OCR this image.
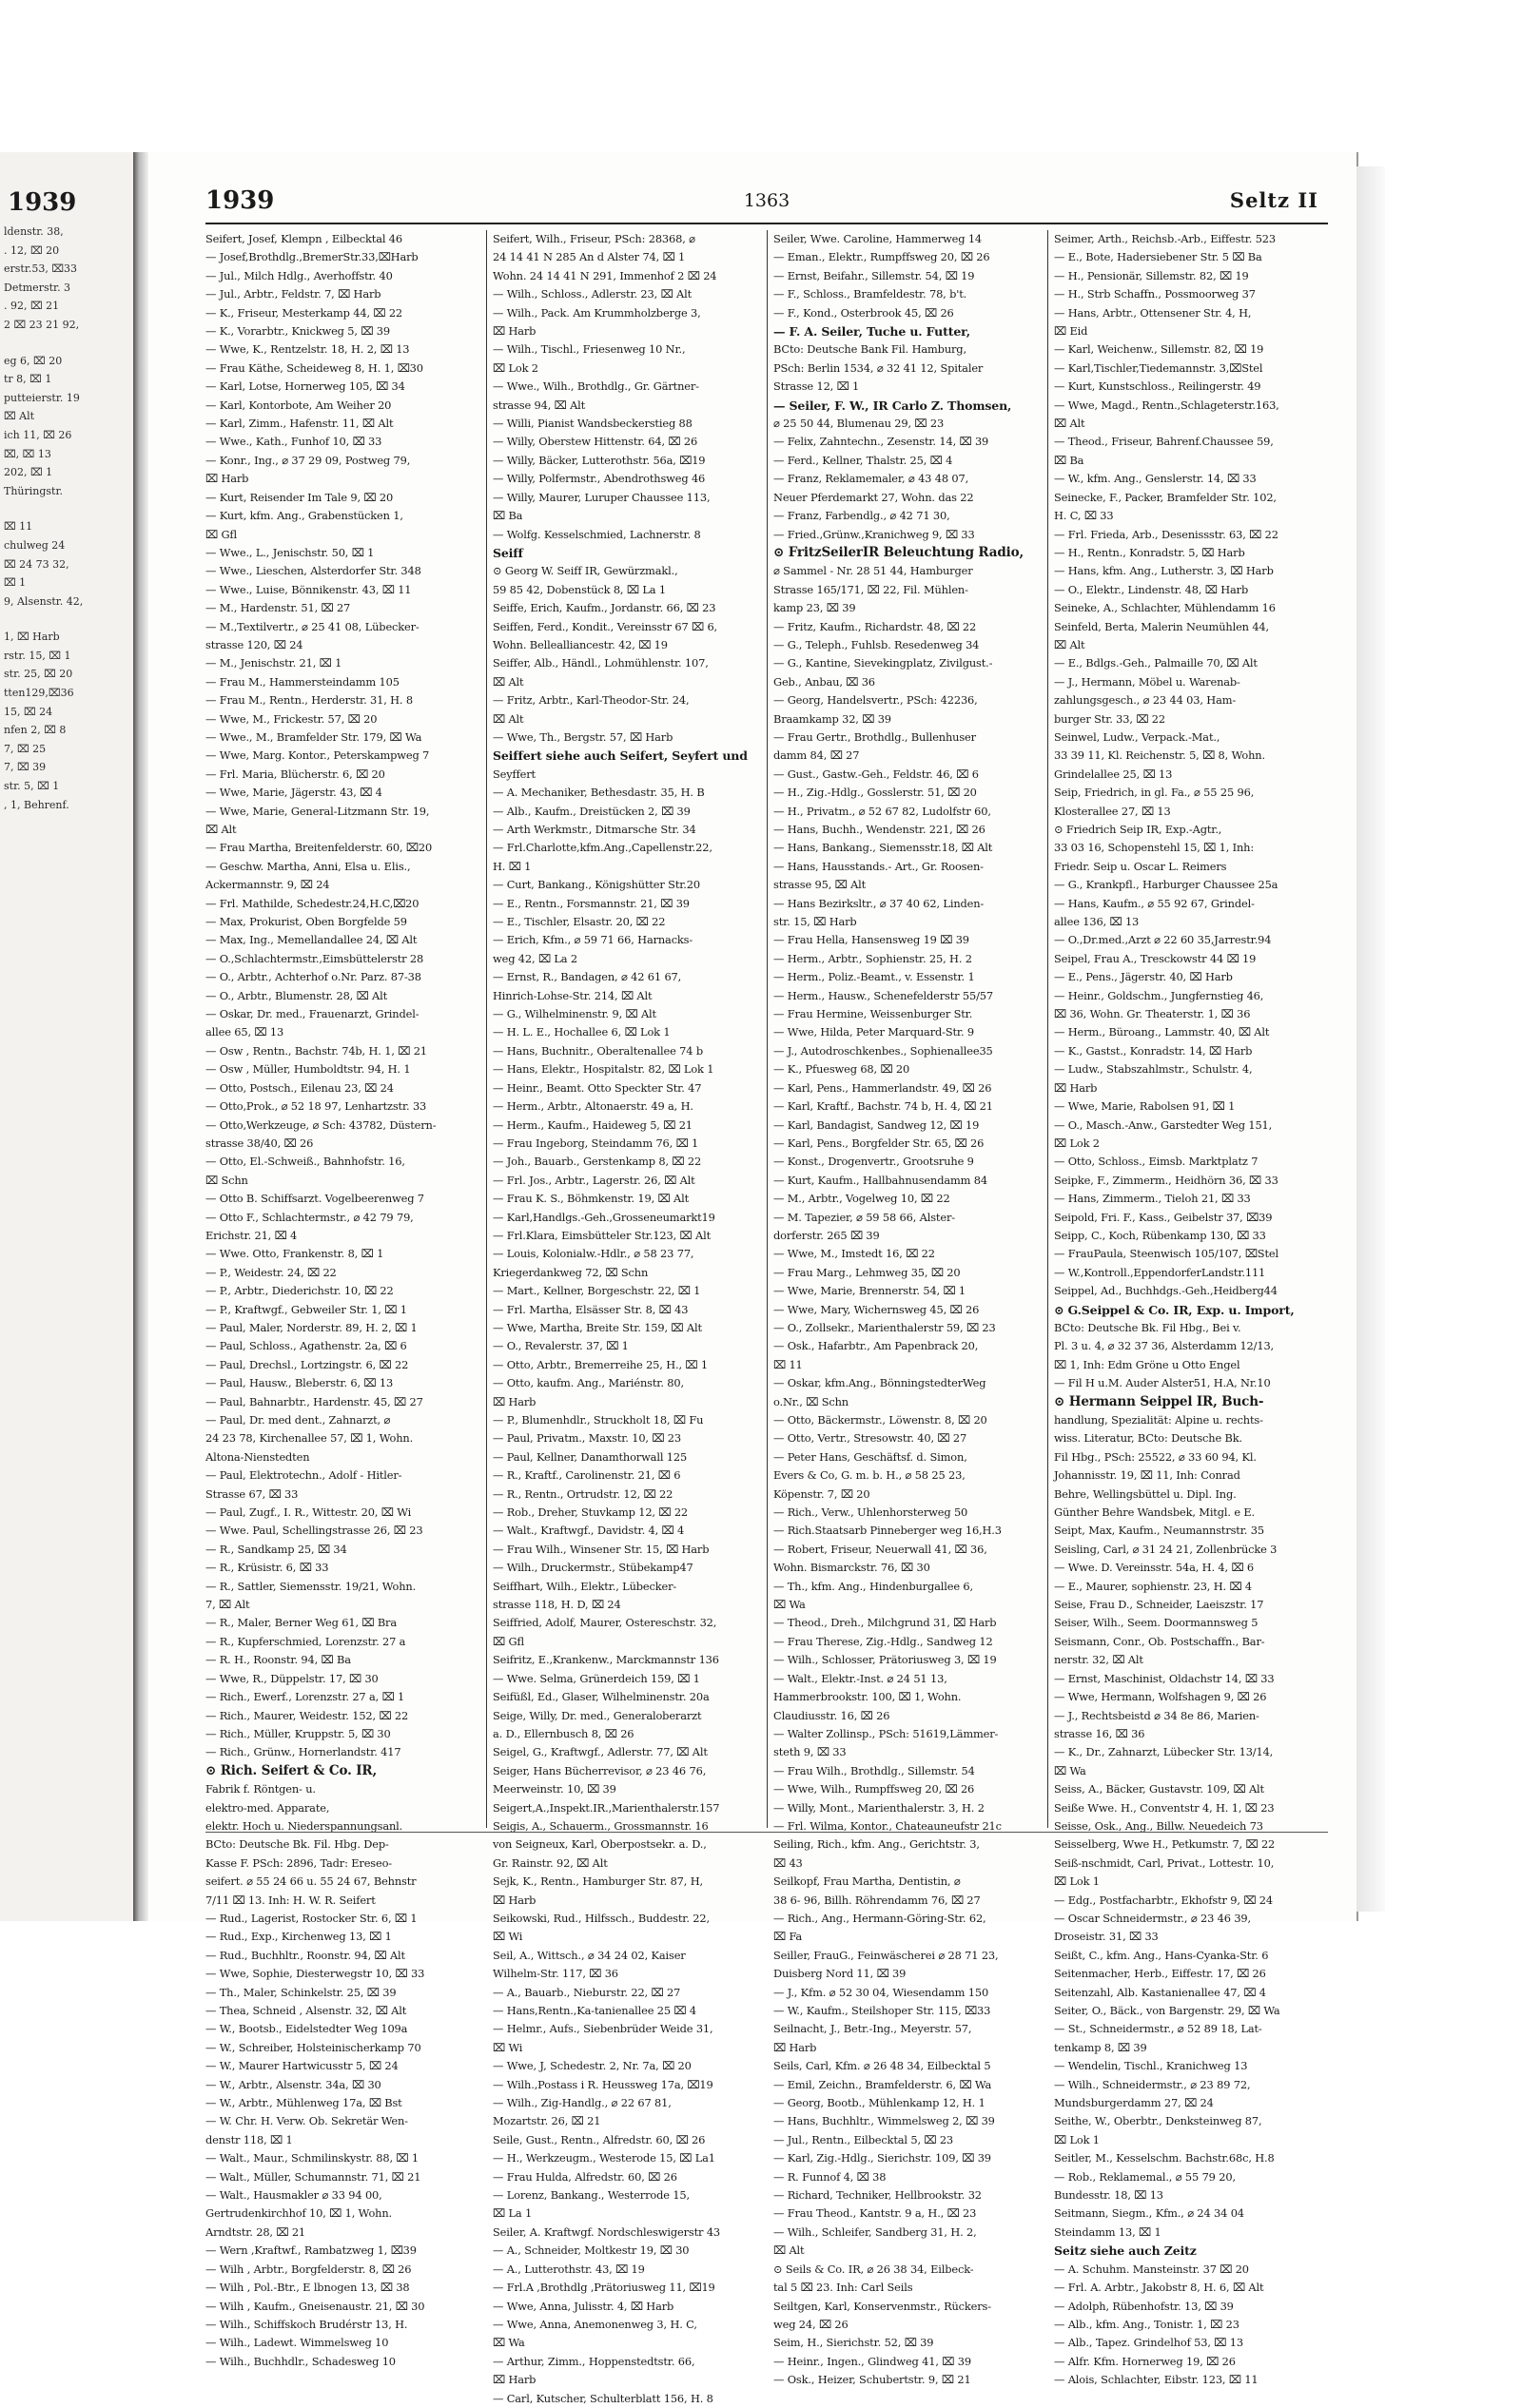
1939
ldenstr. 38,
. 12, ⌧ 20
erstr.53, ⌧33
Detmerstr. 3
. 92, ⌧ 21
2 ⌧ 23 21 92,
eg 6, ⌧ 20
tr 8, ⌧ 1
putteierstr. 19
⌧ Alt
ich 11, ⌧ 26
⌧, ⌧ 13
202, ⌧ 1
Thüringstr.
⌧ 11
chulweg 24
⌧ 24 73 32,
⌧ 1
9, Alsenstr. 42,
1, ⌧ Harb
rstr. 15, ⌧ 1
str. 25, ⌧ 20
tten129,⌧36
15, ⌧ 24
nfen 2, ⌧ 8
7, ⌧ 25
7, ⌧ 39
str. 5, ⌧ 1
, 1, Behrenf.
1939	1363	Seltz II
Seifert, Josef, Klempn , Eilbecktal 46
— Josef,Brothdlg.,BremerStr.33,⌧Harb
— Jul., Milch Hdlg., Averhoffstr. 40
— Jul., Arbtr., Feldstr. 7, ⌧ Harb
— K., Friseur, Mesterkamp 44, ⌧ 22
— K., Vorarbtr., Knickweg 5, ⌧ 39
— Wwe, K., Rentzelstr. 18, H. 2, ⌧ 13
— Frau Käthe, Scheideweg 8, H. 1, ⌧30
— Karl, Lotse, Hornerweg 105, ⌧ 34
— Karl, Kontorbote, Am Weiher 20
— Karl, Zimm., Hafenstr. 11, ⌧ Alt
— Wwe., Kath., Funhof 10, ⌧ 33
— Konr., Ing., ⌀ 37 29 09, Postweg 79,
⌧ Harb
— Kurt, Reisender Im Tale 9, ⌧ 20
— Kurt, kfm. Ang., Grabenstücken 1,
⌧ Gfl
— Wwe., L., Jenischstr. 50, ⌧ 1
— Wwe., Lieschen, Alsterdorfer Str. 348
— Wwe., Luise, Bönnikenstr. 43, ⌧ 11
— M., Hardenstr. 51, ⌧ 27
— M.,Textilvertr., ⌀ 25 41 08, Lübecker-
strasse 120, ⌧ 24
— M., Jenischstr. 21, ⌧ 1
— Frau M., Hammersteindamm 105
— Frau M., Rentn., Herderstr. 31, H. 8
— Wwe, M., Frickestr. 57, ⌧ 20
— Wwe., M., Bramfelder Str. 179, ⌧ Wa
— Wwe, Marg. Kontor., Peterskampweg 7
— Frl. Maria, Blücherstr. 6, ⌧ 20
— Wwe, Marie, Jägerstr. 43, ⌧ 4
— Wwe, Marie, General-Litzmann Str. 19,
⌧ Alt
— Frau Martha, Breitenfelderstr. 60, ⌧20
— Geschw. Martha, Anni, Elsa u. Elis.,
Ackermannstr. 9, ⌧ 24
— Frl. Mathilde, Schedestr.24,H.C,⌧20
— Max, Prokurist, Oben Borgfelde 59
— Max, Ing., Memellandallee 24, ⌧ Alt
— O.,Schlachtermstr.,Eimsbüttelerstr 28
— O., Arbtr., Achterhof o.Nr. Parz. 87-38
— O., Arbtr., Blumenstr. 28, ⌧ Alt
— Oskar, Dr. med., Frauenarzt, Grindel-
allee 65, ⌧ 13
— Osw , Rentn., Bachstr. 74b, H. 1, ⌧ 21
— Osw , Müller, Humboldtstr. 94, H. 1
— Otto, Postsch., Eilenau 23, ⌧ 24
— Otto,Prok., ⌀ 52 18 97, Lenhartzstr. 33
— Otto,Werkzeuge, ⌀ Sch: 43782, Düstern-
strasse 38/40, ⌧ 26
— Otto, El.-Schweiß., Bahnhofstr. 16,
⌧ Schn
— Otto B. Schiffsarzt. Vogelbeerenweg 7
— Otto F., Schlachtermstr., ⌀ 42 79 79,
Erichstr. 21, ⌧ 4
— Wwe. Otto, Frankenstr. 8, ⌧ 1
— P., Weidestr. 24, ⌧ 22
— P., Arbtr., Diederichstr. 10, ⌧ 22
— P., Kraftwgf., Gebweiler Str. 1, ⌧ 1
— Paul, Maler, Norderstr. 89, H. 2, ⌧ 1
— Paul, Schloss., Agathenstr. 2a, ⌧ 6
— Paul, Drechsl., Lortzingstr. 6, ⌧ 22
— Paul, Hausw., Bleberstr. 6, ⌧ 13
— Paul, Bahnarbtr., Hardenstr. 45, ⌧ 27
— Paul, Dr. med dent., Zahnarzt, ⌀
24 23 78, Kirchenallee 57, ⌧ 1, Wohn.
Altona-Nienstedten
— Paul, Elektrotechn., Adolf - Hitler-
Strasse 67, ⌧ 33
— Paul, Zugf., I. R., Wittestr. 20, ⌧ Wi
— Wwe. Paul, Schellingstrasse 26, ⌧ 23
— R., Sandkamp 25, ⌧ 34
— R., Krüsistr. 6, ⌧ 33
— R., Sattler, Siemensstr. 19/21, Wohn.
7, ⌧ Alt
— R., Maler, Berner Weg 61, ⌧ Bra
— R., Kupferschmied, Lorenzstr. 27 a
— R. H., Roonstr. 94, ⌧ Ba
— Wwe, R., Düppelstr. 17, ⌧ 30
— Rich., Ewerf., Lorenzstr. 27 a, ⌧ 1
— Rich., Maurer, Weidestr. 152, ⌧ 22
— Rich., Müller, Kruppstr. 5, ⌧ 30
— Rich., Grünw., Hornerlandstr. 417
⊙ Rich. Seifert & Co. IR,
Fabrik f. Röntgen- u.
elektro-med. Apparate,
elektr. Hoch u. Niederspannungsanl.
BCto: Deutsche Bk. Fil. Hbg. Dep-
Kasse F. PSch: 2896, Tadr: Ereseo-
seifert. ⌀ 55 24 66 u. 55 24 67, Behnstr
7/11 ⌧ 13. Inh: H. W. R. Seifert
— Rud., Lagerist, Rostocker Str. 6, ⌧ 1
— Rud., Exp., Kirchenweg 13, ⌧ 1
— Rud., Buchhltr., Roonstr. 94, ⌧ Alt
— Wwe, Sophie, Diesterwegstr 10, ⌧ 33
— Th., Maler, Schinkelstr. 25, ⌧ 39
— Thea, Schneid , Alsenstr. 32, ⌧ Alt
— W., Bootsb., Eidelstedter Weg 109a
— W., Schreiber, Holsteinischerkamp 70
— W., Maurer Hartwicusstr 5, ⌧ 24
— W., Arbtr., Alsenstr. 34a, ⌧ 30
— W., Arbtr., Mühlenweg 17a, ⌧ Bst
— W. Chr. H. Verw. Ob. Sekretär Wen-
denstr 118, ⌧ 1
— Walt., Maur., Schmilinskystr. 88, ⌧ 1
— Walt., Müller, Schumannstr. 71, ⌧ 21
— Walt., Hausmakler ⌀ 33 94 00,
Gertrudenkirchhof 10, ⌧ 1, Wohn.
Arndtstr. 28, ⌧ 21
— Wern ,Kraftwf., Rambatzweg 1, ⌧39
— Wilh , Arbtr., Borgfelderstr. 8, ⌧ 26
— Wilh , Pol.-Btr., E lbnogen 13, ⌧ 38
— Wilh , Kaufm., Gneisenaustr. 21, ⌧ 30
— Wilh., Schiffskoch Brudérstr 13, H.
— Wilh., Ladewt. Wimmelsweg 10
— Wilh., Buchhdlr., Schadesweg 10
Seifert, Wilh., Friseur, PSch: 28368, ⌀
24 14 41 N 285 An d Alster 74, ⌧ 1
Wohn. 24 14 41 N 291, Immenhof 2 ⌧ 24
— Wilh., Schloss., Adlerstr. 23, ⌧ Alt
— Wilh., Pack. Am Krummholzberge 3,
⌧ Harb
— Wilh., Tischl., Friesenweg 10 Nr.,
⌧ Lok 2
— Wwe., Wilh., Brothdlg., Gr. Gärtner-
strasse 94, ⌧ Alt
— Willi, Pianist Wandsbeckerstieg 88
— Willy, Oberstew Hittenstr. 64, ⌧ 26
— Willy, Bäcker, Lutterothstr. 56a, ⌧19
— Willy, Polfermstr., Abendrothsweg 46
— Willy, Maurer, Luruper Chaussee 113,
⌧ Ba
— Wolfg. Kesselschmied, Lachnerstr. 8
Seiff
⊙ Georg W. Seiff IR, Gewürzmakl.,
59 85 42, Dobenstück 8, ⌧ La 1
Seiffe, Erich, Kaufm., Jordanstr. 66, ⌧ 23
Seiffen, Ferd., Kondit., Vereinsstr 67 ⌧ 6,
Wohn. Bellealliancestr. 42, ⌧ 19
Seiffer, Alb., Händl., Lohmühlenstr. 107,
⌧ Alt
— Fritz, Arbtr., Karl-Theodor-Str. 24,
⌧ Alt
— Wwe, Th., Bergstr. 57, ⌧ Harb
Seiffert siehe auch Seifert, Seyfert und
Seyffert
— A. Mechaniker, Bethesdastr. 35, H. B
— Alb., Kaufm., Dreistücken 2, ⌧ 39
— Arth Werkmstr., Ditmarsche Str. 34
— Frl.Charlotte,kfm.Ang.,Capellenstr.22,
H. ⌧ 1
— Curt, Bankang., Königshütter Str.20
— E., Rentn., Forsmannstr. 21, ⌧ 39
— E., Tischler, Elsastr. 20, ⌧ 22
— Erich, Kfm., ⌀ 59 71 66, Harnacks-
weg 42, ⌧ La 2
— Ernst, R., Bandagen, ⌀ 42 61 67,
Hinrich-Lohse-Str. 214, ⌧ Alt
— G., Wilhelminenstr. 9, ⌧ Alt
— H. L. E., Hochallee 6, ⌧ Lok 1
— Hans, Buchnitr., Oberaltenallee 74 b
— Hans, Elektr., Hospitalstr. 82, ⌧ Lok 1
— Heinr., Beamt. Otto Speckter Str. 47
— Herm., Arbtr., Altonaerstr. 49 a, H.
— Herm., Kaufm., Haideweg 5, ⌧ 21
— Frau Ingeborg, Steindamm 76, ⌧ 1
— Joh., Bauarb., Gerstenkamp 8, ⌧ 22
— Frl. Jos., Arbtr., Lagerstr. 26, ⌧ Alt
— Frau K. S., Böhmkenstr. 19, ⌧ Alt
— Karl,Handlgs.-Geh.,Grosseneumarkt19
— Frl.Klara, Eimsbütteler Str.123, ⌧ Alt
— Louis, Kolonialw.-Hdlr., ⌀ 58 23 77,
Kriegerdankweg 72, ⌧ Schn
— Mart., Kellner, Borgeschstr. 22, ⌧ 1
— Frl. Martha, Elsässer Str. 8, ⌧ 43
— Wwe, Martha, Breite Str. 159, ⌧ Alt
— O., Revalerstr. 37, ⌧ 1
— Otto, Arbtr., Bremerreihe 25, H., ⌧ 1
— Otto, kaufm. Ang., Mariénstr. 80,
⌧ Harb
— P., Blumenhdlr., Struckholt 18, ⌧ Fu
— Paul, Privatm., Maxstr. 10, ⌧ 23
— Paul, Kellner, Danamthorwall 125
— R., Kraftf., Carolinenstr. 21, ⌧ 6
— R., Rentn., Ortrudstr. 12, ⌧ 22
— Rob., Dreher, Stuvkamp 12, ⌧ 22
— Walt., Kraftwgf., Davidstr. 4, ⌧ 4
— Frau Wilh., Winsener Str. 15, ⌧ Harb
— Wilh., Druckermstr., Stübekamp47
Seiffhart, Wilh., Elektr., Lübecker-
strasse 118, H. D, ⌧ 24
Seiffried, Adolf, Maurer, Ostereschstr. 32,
⌧ Gfl
Seifritz, E.,Krankenw., Marckmannstr 136
— Wwe. Selma, Grünerdeich 159, ⌧ 1
Seifüßl, Ed., Glaser, Wilhelminenstr. 20a
Seige, Willy, Dr. med., Generaloberarzt
a. D., Ellernbusch 8, ⌧ 26
Seigel, G., Kraftwgf., Adlerstr. 77, ⌧ Alt
Seiger, Hans Bücherrevisor, ⌀ 23 46 76,
Meerweinstr. 10, ⌧ 39
Seigert,A.,Inspekt.IR.,Marienthalerstr.157
Seigis, A., Schauerm., Grossmannstr. 16
von Seigneux, Karl, Oberpostsekr. a. D.,
Gr. Rainstr. 92, ⌧ Alt
Sejk, K., Rentn., Hamburger Str. 87, H,
⌧ Harb
Seikowski, Rud., Hilfssch., Buddestr. 22,
⌧ Wi
Seil, A., Wittsch., ⌀ 34 24 02, Kaiser
Wilhelm-Str. 117, ⌧ 36
— A., Bauarb., Nieburstr. 22, ⌧ 27
— Hans,Rentn.,Ka-tanienallee 25 ⌧ 4
— Helmr., Aufs., Siebenbrüder Weide 31,
⌧ Wi
— Wwe, J, Schedestr. 2, Nr. 7a, ⌧ 20
— Wilh.,Postass i R. Heussweg 17a, ⌧19
— Wilh., Zig-Handlg., ⌀ 22 67 81,
Mozartstr. 26, ⌧ 21
Seile, Gust., Rentn., Alfredstr. 60, ⌧ 26
— H., Werkzeugm., Westerode 15, ⌧ La1
— Frau Hulda, Alfredstr. 60, ⌧ 26
— Lorenz, Bankang., Westerrode 15,
⌧ La 1
Seiler, A. Kraftwgf. Nordschleswigerstr 43
— A., Schneider, Moltkestr 19, ⌧ 30
— A., Lutterothstr. 43, ⌧ 19
— Frl.A ,Brothdlg ,Prätoriusweg 11, ⌧19
— Wwe, Anna, Julisstr. 4, ⌧ Harb
— Wwe, Anna, Anemonenweg 3, H. C,
⌧ Wa
— Arthur, Zimm., Hoppenstedtstr. 66,
⌧ Harb
— Carl, Kutscher, Schulterblatt 156, H. 8
Seiler, Wwe. Caroline, Hammerweg 14
— Eman., Elektr., Rumpffsweg 20, ⌧ 26
— Ernst, Beifahr., Sillemstr. 54, ⌧ 19
— F., Schloss., Bramfeldestr. 78, b't.
— F., Kond., Osterbrook 45, ⌧ 26
— F. A. Seiler, Tuche u. Futter,
BCto: Deutsche Bank Fil. Hamburg,
PSch: Berlin 1534, ⌀ 32 41 12, Spitaler
Strasse 12, ⌧ 1
— Seiler, F. W., IR Carlo Z. Thomsen,
⌀ 25 50 44, Blumenau 29, ⌧ 23
— Felix, Zahntechn., Zesenstr. 14, ⌧ 39
— Ferd., Kellner, Thalstr. 25, ⌧ 4
— Franz, Reklamemaler, ⌀ 43 48 07,
Neuer Pferdemarkt 27, Wohn. das 22
— Franz, Farbendlg., ⌀ 42 71 30,
— Fried.,Grünw.,Kranichweg 9, ⌧ 33
⊙ FritzSeilerIR Beleuchtung Radio,
⌀ Sammel - Nr. 28 51 44, Hamburger
Strasse 165/171, ⌧ 22, Fil. Mühlen-
kamp 23, ⌧ 39
— Fritz, Kaufm., Richardstr. 48, ⌧ 22
— G., Teleph., Fuhlsb. Resedenweg 34
— G., Kantine, Sievekingplatz, Zivilgust.-
Geb., Anbau, ⌧ 36
— Georg, Handelsvertr., PSch: 42236,
Braamkamp 32, ⌧ 39
— Frau Gertr., Brothdlg., Bullenhuser
damm 84, ⌧ 27
— Gust., Gastw.-Geh., Feldstr. 46, ⌧ 6
— H., Zig.-Hdlg., Gosslerstr. 51, ⌧ 20
— H., Privatm., ⌀ 52 67 82, Ludolfstr 60,
— Hans, Buchh., Wendenstr. 221, ⌧ 26
— Hans, Bankang., Siemensstr.18, ⌧ Alt
— Hans, Hausstands.- Art., Gr. Roosen-
strasse 95, ⌧ Alt
— Hans Bezirksltr., ⌀ 37 40 62, Linden-
str. 15, ⌧ Harb
— Frau Hella, Hansensweg 19 ⌧ 39
— Herm., Arbtr., Sophienstr. 25, H. 2
— Herm., Poliz.-Beamt., v. Essenstr. 1
— Herm., Hausw., Schenefelderstr 55/57
— Frau Hermine, Weissenburger Str.
— Wwe, Hilda, Peter Marquard-Str. 9
— J., Autodroschkenbes., Sophienallee35
— K., Pfuesweg 68, ⌧ 20
— Karl, Pens., Hammerlandstr. 49, ⌧ 26
— Karl, Kraftf., Bachstr. 74 b, H. 4, ⌧ 21
— Karl, Bandagist, Sandweg 12, ⌧ 19
— Karl, Pens., Borgfelder Str. 65, ⌧ 26
— Konst., Drogenvertr., Grootsruhe 9
— Kurt, Kaufm., Hallbahnusendamm 84
— M., Arbtr., Vogelweg 10, ⌧ 22
— M. Tapezier, ⌀ 59 58 66, Alster-
dorferstr. 265 ⌧ 39
— Wwe, M., Imstedt 16, ⌧ 22
— Frau Marg., Lehmweg 35, ⌧ 20
— Wwe, Marie, Brennerstr. 54, ⌧ 1
— Wwe, Mary, Wichernsweg 45, ⌧ 26
— O., Zollsekr., Marienthalerstr 59, ⌧ 23
— Osk., Hafarbtr., Am Papenbrack 20,
⌧ 11
— Oskar, kfm.Ang., BönningstedterWeg
o.Nr., ⌧ Schn
— Otto, Bäckermstr., Löwenstr. 8, ⌧ 20
— Otto, Vertr., Stresowstr. 40, ⌧ 27
— Peter Hans, Geschäftsf. d. Simon,
Evers & Co, G. m. b. H., ⌀ 58 25 23,
Köpenstr. 7, ⌧ 20
— Rich., Verw., Uhlenhorsterweg 50
— Rich.Staatsarb Pinneberger weg 16,H.3
— Robert, Friseur, Neuerwall 41, ⌧ 36,
Wohn. Bismarckstr. 76, ⌧ 30
— Th., kfm. Ang., Hindenburgallee 6,
⌧ Wa
— Theod., Dreh., Milchgrund 31, ⌧ Harb
— Frau Therese, Zig.-Hdlg., Sandweg 12
— Wilh., Schlosser, Prätoriusweg 3, ⌧ 19
— Walt., Elektr.-Inst. ⌀ 24 51 13,
Hammerbrookstr. 100, ⌧ 1, Wohn.
Claudiusstr. 16, ⌧ 26
— Walter Zollinsp., PSch: 51619,Lämmer-
steth 9, ⌧ 33
— Frau Wilh., Brothdlg., Sillemstr. 54
— Wwe, Wilh., Rumpffsweg 20, ⌧ 26
— Willy, Mont., Marienthalerstr. 3, H. 2
— Frl. Wilma, Kontor., Chateauneufstr 21c
Seiling, Rich., kfm. Ang., Gerichtstr. 3,
⌧ 43
Seilkopf, Frau Martha, Dentistin, ⌀
38 6- 96, Billh. Röhrendamm 76, ⌧ 27
— Rich., Ang., Hermann-Göring-Str. 62,
⌧ Fa
Seiller, FrauG., Feinwäscherei ⌀ 28 71 23,
Duisberg Nord 11, ⌧ 39
— J., Kfm. ⌀ 52 30 04, Wiesendamm 150
— W., Kaufm., Steilshoper Str. 115, ⌧33
Seilnacht, J., Betr.-Ing., Meyerstr. 57,
⌧ Harb
Seils, Carl, Kfm. ⌀ 26 48 34, Eilbecktal 5
— Emil, Zeichn., Bramfelderstr. 6, ⌧ Wa
— Georg, Bootb., Mühlenkamp 12, H. 1
— Hans, Buchhltr., Wimmelsweg 2, ⌧ 39
— Jul., Rentn., Eilbecktal 5, ⌧ 23
— Karl, Zig.-Hdlg., Sierichstr. 109, ⌧ 39
— R. Funnof 4, ⌧ 38
— Richard, Techniker, Hellbrookstr. 32
— Frau Theod., Kantstr. 9 a, H., ⌧ 23
— Wilh., Schleifer, Sandberg 31, H. 2,
⌧ Alt
⊙ Seils & Co. IR, ⌀ 26 38 34, Eilbeck-
tal 5 ⌧ 23. Inh: Carl Seils
Seiltgen, Karl, Konservenmstr., Rückers-
weg 24, ⌧ 26
Seim, H., Sierichstr. 52, ⌧ 39
— Heinr., Ingen., Glindweg 41, ⌧ 39
— Osk., Heizer, Schubertstr. 9, ⌧ 21
Seimer, Arth., Reichsb.-Arb., Eiffestr. 523
— E., Bote, Hadersiebener Str. 5 ⌧ Ba
— H., Pensionär, Sillemstr. 82, ⌧ 19
— H., Strb Schaffn., Possmoorweg 37
— Hans, Arbtr., Ottensener Str. 4, H,
⌧ Eid
— Karl, Weichenw., Sillemstr. 82, ⌧ 19
— Karl,Tischler,Tiedemannstr. 3,⌧Stel
— Kurt, Kunstschloss., Reilingerstr. 49
— Wwe, Magd., Rentn.,Schlageterstr.163,
⌧ Alt
— Theod., Friseur, Bahrenf.Chaussee 59,
⌧ Ba
— W., kfm. Ang., Genslerstr. 14, ⌧ 33
Seinecke, F., Packer, Bramfelder Str. 102,
H. C, ⌧ 33
— Frl. Frieda, Arb., Desenissstr. 63, ⌧ 22
— H., Rentn., Konradstr. 5, ⌧ Harb
— Hans, kfm. Ang., Lutherstr. 3, ⌧ Harb
— O., Elektr., Lindenstr. 48, ⌧ Harb
Seineke, A., Schlachter, Mühlendamm 16
Seinfeld, Berta, Malerin Neumühlen 44,
⌧ Alt
— E., Bdlgs.-Geh., Palmaille 70, ⌧ Alt
— J., Hermann, Möbel u. Warenab-
zahlungsgesch., ⌀ 23 44 03, Ham-
burger Str. 33, ⌧ 22
Seinwel, Ludw., Verpack.-Mat.,
33 39 11, Kl. Reichenstr. 5, ⌧ 8, Wohn.
Grindelallee 25, ⌧ 13
Seip, Friedrich, in gl. Fa., ⌀ 55 25 96,
Klosterallee 27, ⌧ 13
⊙ Friedrich Seip IR, Exp.-Agtr.,
33 03 16, Schopenstehl 15, ⌧ 1, Inh:
Friedr. Seip u. Oscar L. Reimers
— G., Krankpfl., Harburger Chaussee 25a
— Hans, Kaufm., ⌀ 55 92 67, Grindel-
allee 136, ⌧ 13
— O.,Dr.med.,Arzt ⌀ 22 60 35,Jarrestr.94
Seipel, Frau A., Tresckowstr 44 ⌧ 19
— E., Pens., Jägerstr. 40, ⌧ Harb
— Heinr., Goldschm., Jungfernstieg 46,
⌧ 36, Wohn. Gr. Theaterstr. 1, ⌧ 36
— Herm., Büroang., Lammstr. 40, ⌧ Alt
— K., Gastst., Konradstr. 14, ⌧ Harb
— Ludw., Stabszahlmstr., Schulstr. 4,
⌧ Harb
— Wwe, Marie, Rabolsen 91, ⌧ 1
— O., Masch.-Anw., Garstedter Weg 151,
⌧ Lok 2
— Otto, Schloss., Eimsb. Marktplatz 7
Seipke, F., Zimmerm., Heidhörn 36, ⌧ 33
— Hans, Zimmerm., Tieloh 21, ⌧ 33
Seipold, Fri. F., Kass., Geibelstr 37, ⌧39
Seipp, C., Koch, Rübenkamp 130, ⌧ 33
— FrauPaula, Steenwisch 105/107, ⌧Stel
— W.,Kontroll.,EppendorferLandstr.111
Seippel, Ad., Buchhdgs.-Geh.,Heidberg44
⊙ G.Seippel & Co. IR, Exp. u. Import,
BCto: Deutsche Bk. Fil Hbg., Bei v.
Pl. 3 u. 4, ⌀ 32 37 36, Alsterdamm 12/13,
⌧ 1, Inh: Edm Gröne u Otto Engel
— Fil H u.M. Auder Alster51, H.A, Nr.10
⊙ Hermann Seippel IR, Buch-
handlung, Spezialität: Alpine u. rechts-
wiss. Literatur, BCto: Deutsche Bk.
Fil Hbg., PSch: 25522, ⌀ 33 60 94, Kl.
Johannisstr. 19, ⌧ 11, Inh: Conrad
Behre, Wellingsbüttel u. Dipl. Ing.
Günther Behre Wandsbek, Mitgl. e E.
Seipt, Max, Kaufm., Neumannstrstr. 35
Seisling, Carl, ⌀ 31 24 21, Zollenbrücke 3
— Wwe. D. Vereinsstr. 54a, H. 4, ⌧ 6
— E., Maurer, sophienstr. 23, H. ⌧ 4
Seise, Frau D., Schneider, Laeiszstr. 17
Seiser, Wilh., Seem. Doormannsweg 5
Seismann, Conr., Ob. Postschaffn., Bar-
nerstr. 32, ⌧ Alt
— Ernst, Maschinist, Oldachstr 14, ⌧ 33
— Wwe, Hermann, Wolfshagen 9, ⌧ 26
— J., Rechtsbeistd ⌀ 34 8e 86, Marien-
strasse 16, ⌧ 36
— K., Dr., Zahnarzt, Lübecker Str. 13/14,
⌧ Wa
Seiss, A., Bäcker, Gustavstr. 109, ⌧ Alt
Seiße Wwe. H., Conventstr 4, H. 1, ⌧ 23
Seisse, Osk., Ang., Billw. Neuedeich 73
Seisselberg, Wwe H., Petkumstr. 7, ⌧ 22
Seiß-nschmidt, Carl, Privat., Lottestr. 10,
⌧ Lok 1
— Edg., Postfacharbtr., Ekhofstr 9, ⌧ 24
— Oscar Schneidermstr., ⌀ 23 46 39,
Droseistr. 31, ⌧ 33
Seißt, C., kfm. Ang., Hans-Cyanka-Str. 6
Seitenmacher, Herb., Eiffestr. 17, ⌧ 26
Seitenzahl, Alb. Kastanienallee 47, ⌧ 4
Seiter, O., Bäck., von Bargenstr. 29, ⌧ Wa
— St., Schneidermstr., ⌀ 52 89 18, Lat-
tenkamp 8, ⌧ 39
— Wendelin, Tischl., Kranichweg 13
— Wilh., Schneidermstr., ⌀ 23 89 72,
Mundsburgerdamm 27, ⌧ 24
Seithe, W., Oberbtr., Denksteinweg 87,
⌧ Lok 1
Seitler, M., Kesselschm. Bachstr.68c, H.8
— Rob., Reklamemal., ⌀ 55 79 20,
Bundesstr. 18, ⌧ 13
Seitmann, Siegm., Kfm., ⌀ 24 34 04
Steindamm 13, ⌧ 1
Seitz siehe auch Zeitz
— A. Schuhm. Mansteinstr. 37 ⌧ 20
— Frl. A. Arbtr., Jakobstr 8, H. 6, ⌧ Alt
— Adolph, Rübenhofstr. 13, ⌧ 39
— Alb., kfm. Ang., Tonistr. 1, ⌧ 23
— Alb., Tapez. Grindelhof 53, ⌧ 13
— Alfr. Kfm. Hornerweg 19, ⌧ 26
— Alois, Schlachter, Eibstr. 123, ⌧ 11
